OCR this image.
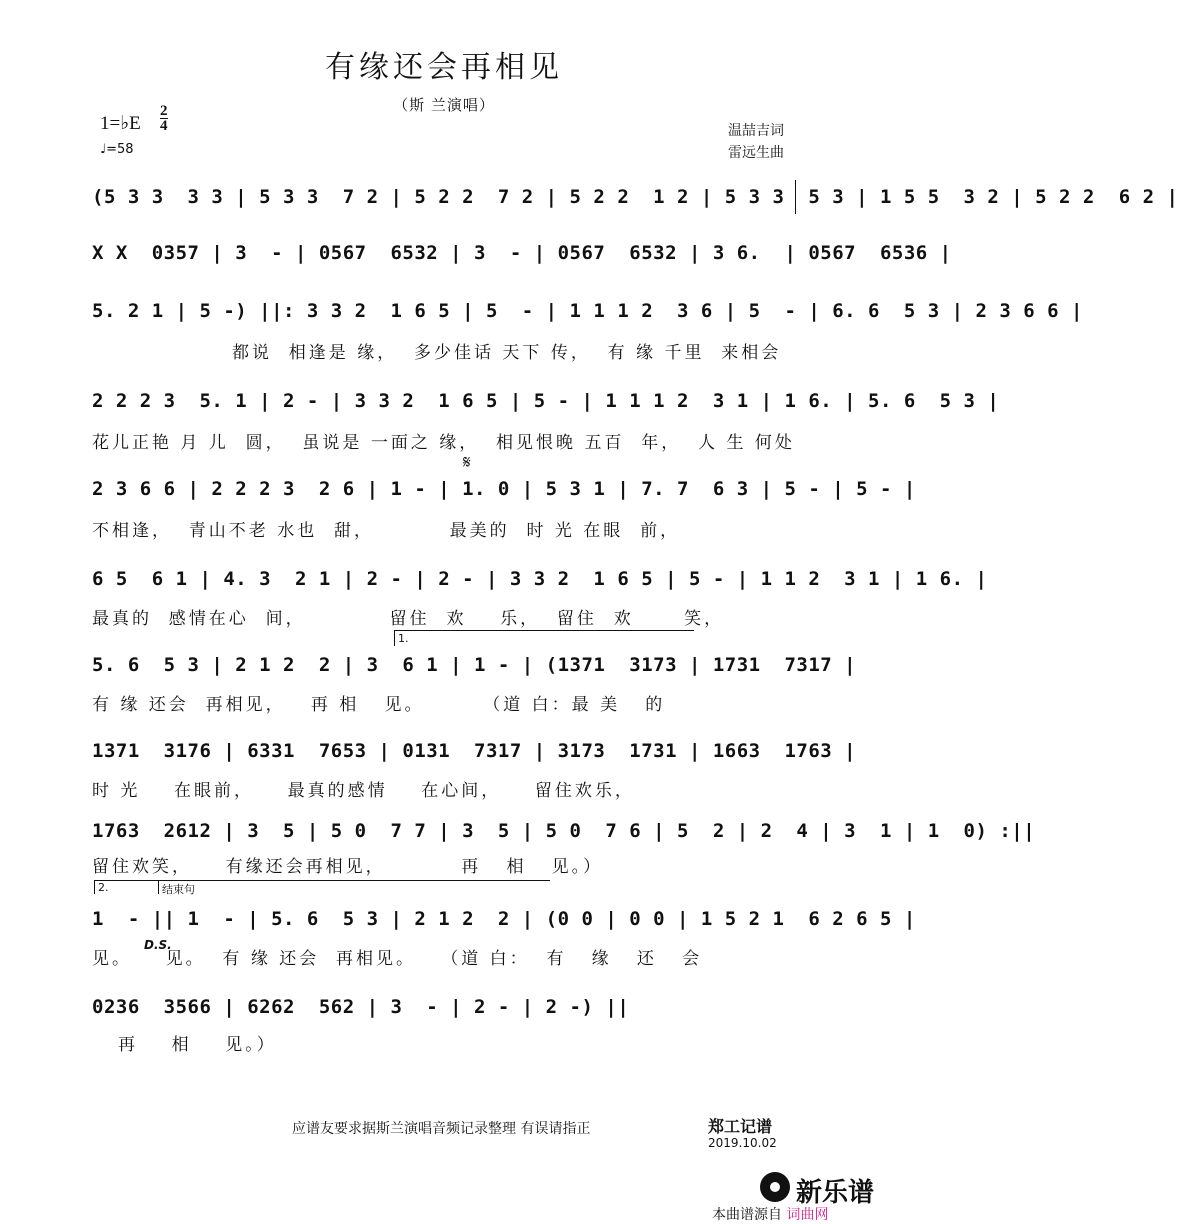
有缘还会再相见
（斯 兰演唱）
1=♭E
2
4
♩=58
温喆吉词
雷远生曲
(5 3 3  3 3 | 5 3 3  7 2 | 5 2 2  7 2 | 5 2 2  1 2 | 5 3 3  5 3 | 1 5 5  3 2 | 5 2 2  6 2 |
X X  0357 | 3  - | 0567  6532 | 3  - | 0567  6532 | 3 6.  | 0567  6536 |
5. 2 1 | 5 -) ||: 3 3 2  1 6 5 | 5  - | 1 1 1 2  3 6 | 5  - | 6. 6  5 3 | 2 3 6 6 |
都说  相逢是 缘，  多少佳话 天下 传，  有 缘 千里  来相会
2 2 2 3  5. 1 | 2 - | 3 3 2  1 6 5 | 5 - | 1 1 1 2  3 1 | 1 6. | 5. 6  5 3 |
花儿正艳 月 儿  圆，  虽说是 一面之 缘，  相见恨晚 五百  年，  人 生 何处
𝄋
2 3 6 6 | 2 2 2 3  2 6 | 1 - | 1. 0 | 5 3 1 | 7. 7  6 3 | 5 - | 5 - |
不相逢，  青山不老 水也  甜，         最美的  时 光 在眼  前，
6 5  6 1 | 4. 3  2 1 | 2 - | 2 - | 3 3 2  1 6 5 | 5 - | 1 1 2  3 1 | 1 6. |
最真的  感情在心  间，          留住  欢    乐，  留住  欢      笑，
1.
5. 6  5 3 | 2 1 2  2 | 3  6 1 | 1 - | (1371  3173 | 1731  7317 |
有 缘 还会  再相见，   再 相   见。       （道 白：最 美   的
1371  3176 | 6331  7653 | 0131  7317 | 3173  1731 | 1663  1763 |
时 光    在眼前，    最真的感情    在心间，    留住欢乐，
1763  2612 | 3  5 | 5 0  7 7 | 3  5 | 5 0  7 6 | 5  2 | 2  4 | 3  1 | 1  0) :||
留住欢笑，    有缘还会再相见，         再   相   见。）
2.	结束句
1  - || 1  - | 5. 6  5 3 | 2 1 2  2 | (0 0 | 0 0 | 1 5 2 1  6 2 6 5 |
D.S.
见。    见。  有 缘 还会  再相见。   （道 白：  有   缘   还   会
0236  3566 | 6262  562 | 3  - | 2 - | 2 -) ||
再    相    见。）
应谱友要求据斯兰演唱音频记录整理 有误请指正	郑工记谱
2019.10.02
新乐谱
本曲谱源自 词曲网
